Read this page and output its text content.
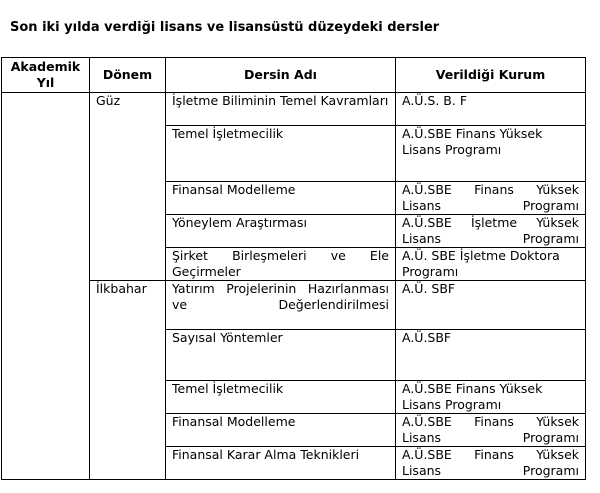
Son iki yılda verdiği lisans ve lisansüstü düzeydeki dersler
Akademik
Yıl	Dönem	Dersin Adı	Verildiği Kurum
	Güz	İşletme Biliminin Temel Kavramları	A.Ü.S. B. F
		Temel İşletmecilik	A.Ü.SBE Finans Yüksek Lisans Programı
		Finansal Modelleme	A.Ü.SBE Finans Yüksek Lisans Programı
		Yöneylem Araştırması	A.Ü.SBE İşletme Yüksek Lisans Programı
		Şirket Birleşmeleri ve Ele Geçirmeler	A.Ü. SBE İşletme Doktora Programı
	İlkbahar	Yatırım Projelerinin Hazırlanması ve Değerlendirilmesi	A.Ü. SBF
		Sayısal Yöntemler	A.Ü.SBF
		Temel İşletmecilik	A.Ü.SBE Finans Yüksek Lisans Programı
		Finansal Modelleme	A.Ü.SBE Finans Yüksek Lisans Programı
		Finansal Karar Alma Teknikleri	A.Ü.SBE Finans Yüksek Lisans Programı
